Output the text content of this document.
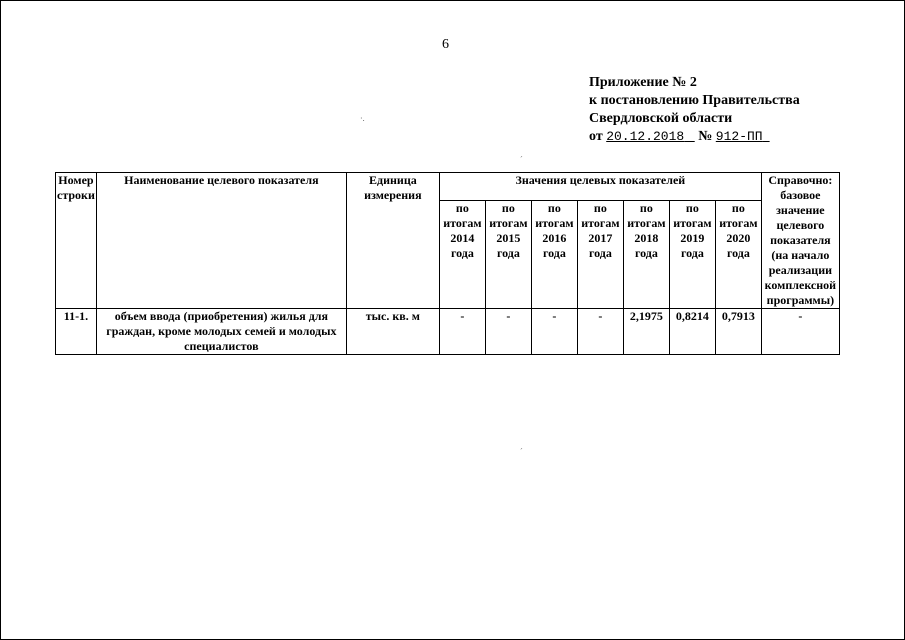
6
Приложение № 2
к постановлению Правительства
Свердловской области
от 20.12.2018 № 912-ПП
·.
ˊ
ˊ
Номер строки	Наименование целевого показателя	Единица измерения	Значения целевых показателей							Справочно: базовое значение целевого показателя (на начало реализации комплексной программы)

			по
итогам
2014
года	по
итогам
2015
года	по
итогам
2016
года	по
итогам
2017
года	по
итогам
2018
года	по
итогам
2019
года	по
итогам
2020
года	

11-1.	объем ввода (приобретения) жилья для граждан, кроме молодых семей и молодых специалистов	тыс. кв. м	-	-	-	-	2,1975	0,8214	0,7913	-
